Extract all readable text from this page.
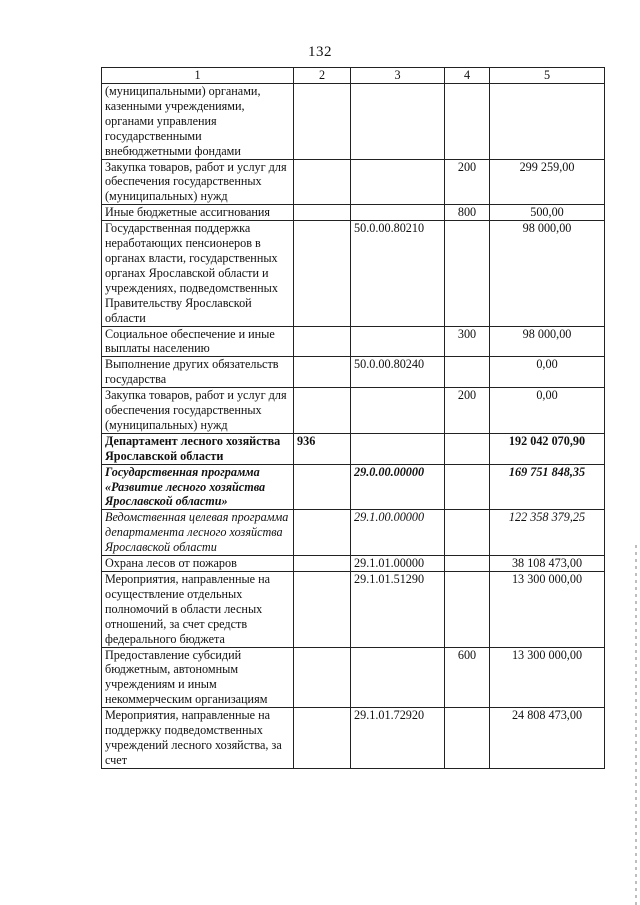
132
1	2	3	4	5
(муниципальными) органами, казенными учреждениями, органами управления государственными внебюджетными фондами				
Закупка товаров, работ и услуг для обеспечения государственных (муниципальных) нужд			200	299 259,00
Иные бюджетные ассигнования			800	500,00
Государственная поддержка неработающих пенсионеров в органах власти, государственных органах Ярославской области и учреждениях, подведомственных Правительству Ярославской области		50.0.00.80210		98 000,00
Социальное обеспечение и иные выплаты населению			300	98 000,00
Выполнение других обязательств государства		50.0.00.80240		0,00
Закупка товаров, работ и услуг для обеспечения государственных (муниципальных) нужд			200	0,00
Департамент лесного хозяйства Ярославской области	936			192 042 070,90
Государственная программа «Развитие лесного хозяйства Ярославской области»		29.0.00.00000		169 751 848,35
Ведомственная целевая программа департамента лесного хозяйства Ярославской области		29.1.00.00000		122 358 379,25
Охрана лесов от пожаров		29.1.01.00000		38 108 473,00
Мероприятия, направленные на осуществление отдельных полномочий в области лесных отношений, за счет средств федерального бюджета		29.1.01.51290		13 300 000,00
Предоставление субсидий бюджетным, автономным учреждениям и иным некоммерческим организациям			600	13 300 000,00
Мероприятия, направленные на поддержку подведомственных учреждений лесного хозяйства, за счет		29.1.01.72920		24 808 473,00
